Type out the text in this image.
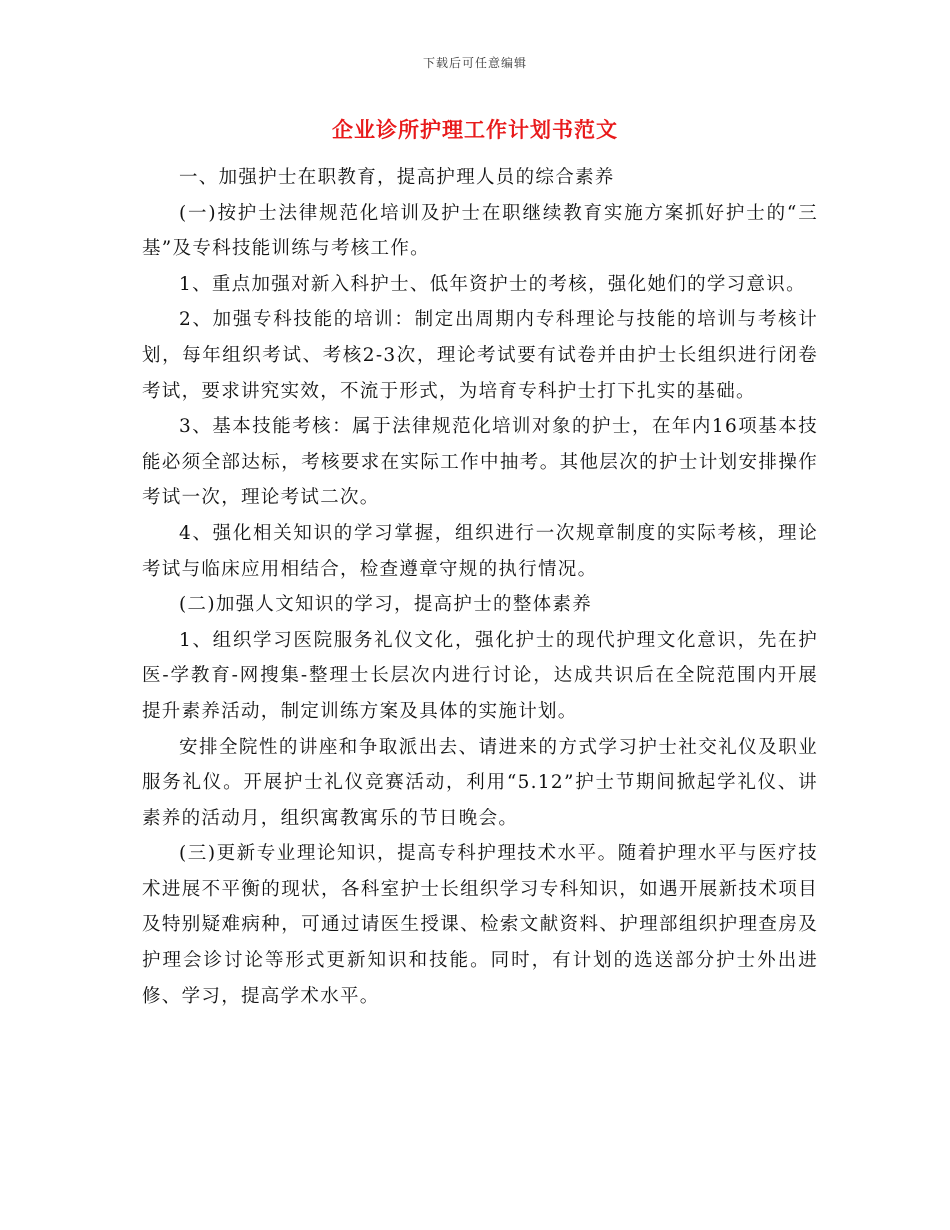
下载后可任意编辑
企业诊所护理工作计划书范文

一、加强护士在职教育，提高护理人员的综合素养

(一)按护士法律规范化培训及护士在职继续教育实施方案抓好护士的“三基”及专科技能训练与考核工作。

1、重点加强对新入科护士、低年资护士的考核，强化她们的学习意识。

2、加强专科技能的培训：制定出周期内专科理论与技能的培训与考核计划，每年组织考试、考核2-3次，理论考试要有试卷并由护士长组织进行闭卷考试，要求讲究实效，不流于形式，为培育专科护士打下扎实的基础。

3、基本技能考核：属于法律规范化培训对象的护士，在年内16项基本技能必须全部达标，考核要求在实际工作中抽考。其他层次的护士计划安排操作考试一次，理论考试二次。

4、强化相关知识的学习掌握，组织进行一次规章制度的实际考核，理论考试与临床应用相结合，检查遵章守规的执行情况。

(二)加强人文知识的学习，提高护士的整体素养

1、组织学习医院服务礼仪文化，强化护士的现代护理文化意识，先在护医-学教育-网搜集-整理士长层次内进行讨论，达成共识后在全院范围内开展提升素养活动，制定训练方案及具体的实施计划。

安排全院性的讲座和争取派出去、请进来的方式学习护士社交礼仪及职业服务礼仪。开展护士礼仪竞赛活动，利用“5.12”护士节期间掀起学礼仪、讲素养的活动月，组织寓教寓乐的节日晚会。

(三)更新专业理论知识，提高专科护理技术水平。随着护理水平与医疗技术进展不平衡的现状，各科室护士长组织学习专科知识，如遇开展新技术项目及特别疑难病种，可通过请医生授课、检索文献资料、护理部组织护理查房及护理会诊讨论等形式更新知识和技能。同时，有计划的选送部分护士外出进修、学习，提高学术水平。
